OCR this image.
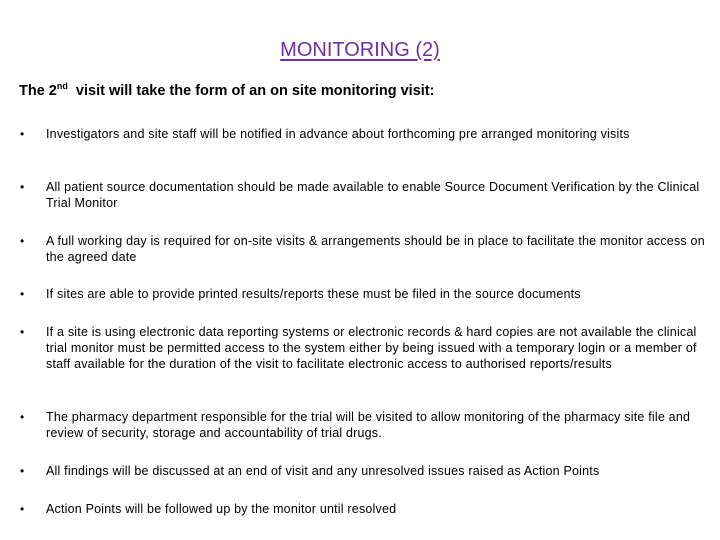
MONITORING (2)
The 2nd  visit will take the form of an on site monitoring visit:
• Investigators and site staff will be notified in advance about forthcoming pre arranged monitoring visits
• All patient source documentation should be made available to enable Source Document Verification by the Clinical Trial Monitor
• A full working day is required for on-site visits & arrangements should be in place to facilitate the monitor access on the agreed date
• If sites are able to provide printed results/reports these must be filed in the source documents
• If a site is using electronic data reporting systems or electronic records & hard copies are not available the clinical trial monitor must be permitted access to the system either by being issued with a temporary login or a member of staff available for the duration of the visit to facilitate electronic access to authorised reports/results
• The pharmacy department responsible for the trial will be visited to allow monitoring of the pharmacy site file and review of security, storage and accountability of trial drugs.
• All findings will be discussed at an end of visit and any unresolved issues raised as Action Points
• Action Points will be followed up by the monitor until resolved
